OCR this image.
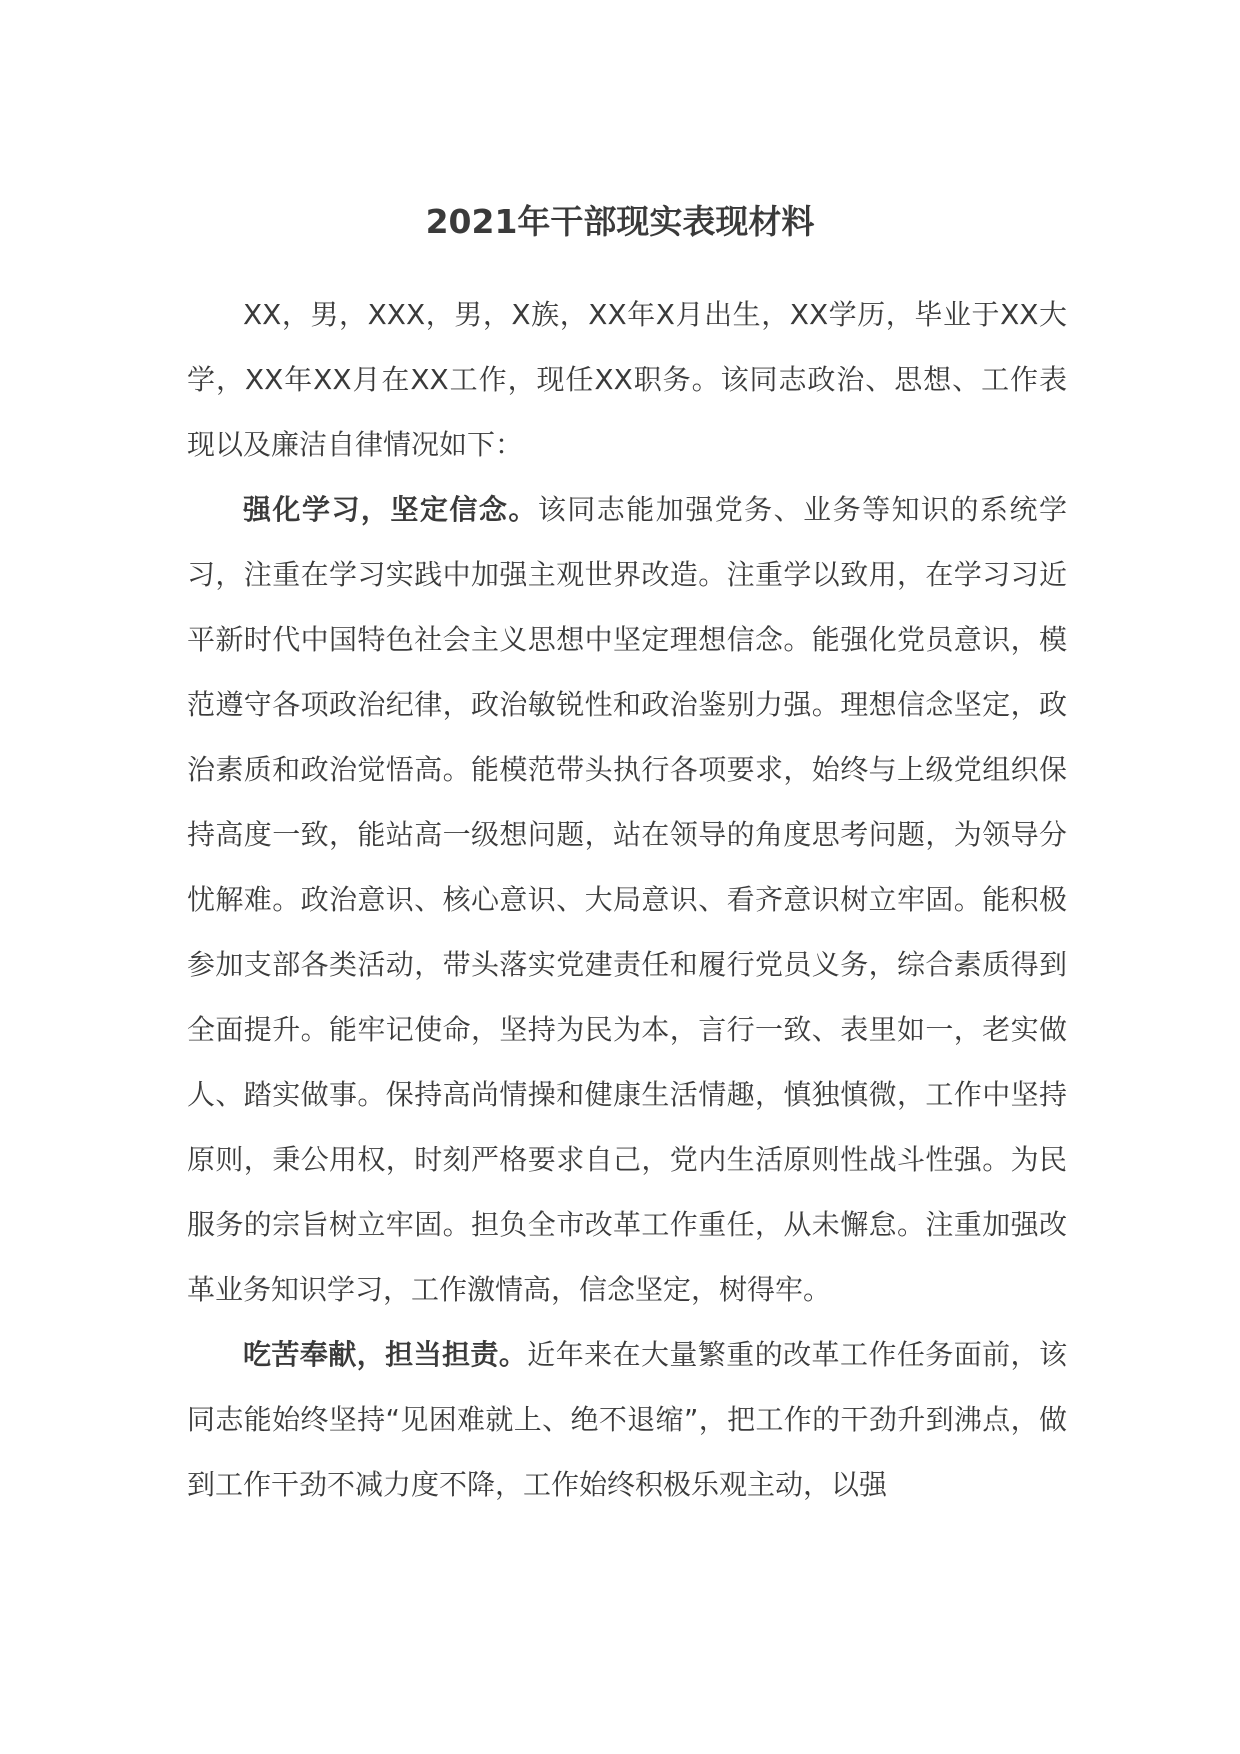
2021年干部现实表现材料

XX，男，XXX，男，X族，XX年X月出生，XX学历，毕业于XX大学，XX年XX月在XX工作，现任XX职务。该同志政治、思想、工作表现以及廉洁自律情况如下：

强化学习，坚定信念。该同志能加强党务、业务等知识的系统学习，注重在学习实践中加强主观世界改造。注重学以致用，在学习习近平新时代中国特色社会主义思想中坚定理想信念。能强化党员意识，模范遵守各项政治纪律，政治敏锐性和政治鉴别力强。理想信念坚定，政治素质和政治觉悟高。能模范带头执行各项要求，始终与上级党组织保持高度一致，能站高一级想问题，站在领导的角度思考问题，为领导分忧解难。政治意识、核心意识、大局意识、看齐意识树立牢固。能积极参加支部各类活动，带头落实党建责任和履行党员义务，综合素质得到全面提升。能牢记使命，坚持为民为本，言行一致、表里如一，老实做人、踏实做事。保持高尚情操和健康生活情趣，慎独慎微，工作中坚持原则，秉公用权，时刻严格要求自己，党内生活原则性战斗性强。为民服务的宗旨树立牢固。担负全市改革工作重任，从未懈怠。注重加强改革业务知识学习，工作激情高，信念坚定，树得牢。

吃苦奉献，担当担责。近年来在大量繁重的改革工作任务面前，该同志能始终坚持“见困难就上、绝不退缩”，把工作的干劲升到沸点，做到工作干劲不减力度不降，工作始终积极乐观主动，以强
